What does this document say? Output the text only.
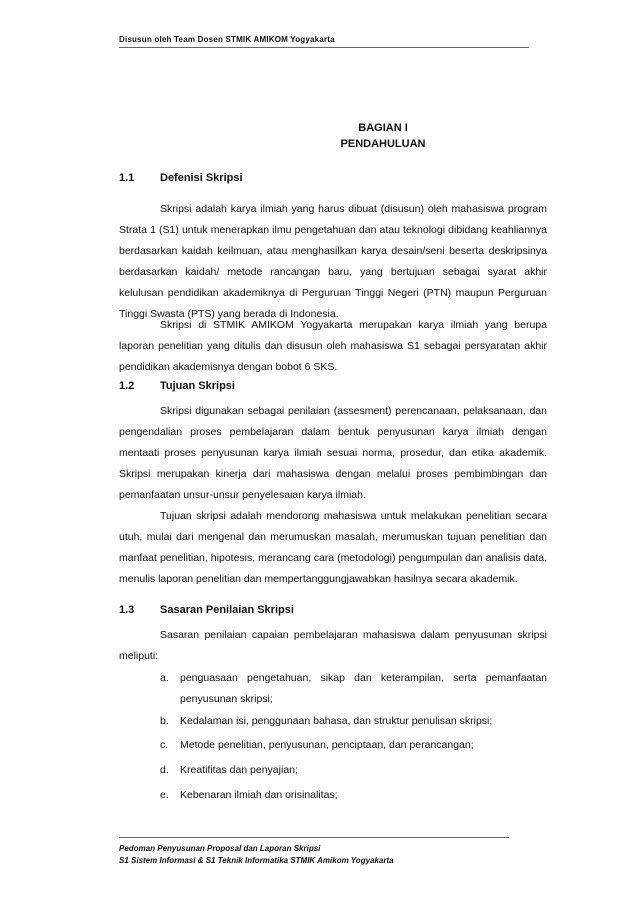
Disusun oleh Team Dosen STMIK AMIKOM Yogyakarta
BAGIAN I
PENDAHULUAN
1.1 Defenisi Skripsi

Skripsi adalah karya ilmiah yang harus dibuat (disusun) oleh mahasiswa program Strata 1 (S1) untuk menerapkan ilmu pengetahuan dan atau teknologi dibidang keahliannya berdasarkan kaidah keilmuan, atau menghasilkan karya desain/seni beserta deskripsinya berdasarkan kaidah/ metode rancangan baru, yang bertujuan sebagai syarat akhir kelulusan pendidikan akademiknya di Perguruan Tinggi Negeri (PTN) maupun Perguruan Tinggi Swasta (PTS) yang berada di Indonesia.

Skripsi di STMIK AMIKOM Yogyakarta merupakan karya ilmiah yang berupa laporan penelitian yang ditulis dan disusun oleh mahasiswa S1 sebagai persyaratan akhir pendidikan akademisnya dengan bobot 6 SKS.

1.2 Tujuan Skripsi

Skripsi digunakan sebagai penilaian (assesment) perencanaan, pelaksanaan, dan pengendalian proses pembelajaran dalam bentuk penyusunan karya ilmiah dengan mentaati proses penyusunan karya ilmiah sesuai norma, prosedur, dan etika akademik. Skripsi merupakan kinerja dari mahasiswa dengan melalui proses pembimbingan dan pemanfaatan unsur-unsur penyelesaian karya ilmiah.

Tujuan skripsi adalah mendorong mahasiswa untuk melakukan penelitian secara utuh, mulai dari mengenal dan merumuskan masalah, merumuskan tujuan penelitian dan manfaat penelitian, hipotesis, merancang cara (metodologi) pengumpulan dan analisis data, menulis laporan penelitian dan mempertanggungjawabkan hasilnya secara akademik.

1.3 Sasaran Penilaian Skripsi

Sasaran penilaian capaian pembelajaran mahasiswa dalam penyusunan skripsi meliputi:

a.	penguasaan pengetahuan, sikap dan keterampilan, serta pemanfaatan penyusunan skripsi;
b.	Kedalaman isi, penggunaan bahasa, dan struktur penulisan skripsi;
c.	Metode penelitian, penyusunan, penciptaan, dan perancangan;
d.	Kreatifitas dan penyajian;
e.	Kebenaran ilmiah dan orisinalitas;
Pedoman Penyusunan Proposal dan Laporan Skripsi
S1 Sistem Informasi & S1 Teknik Informatika STMIK Amikom Yogyakarta
